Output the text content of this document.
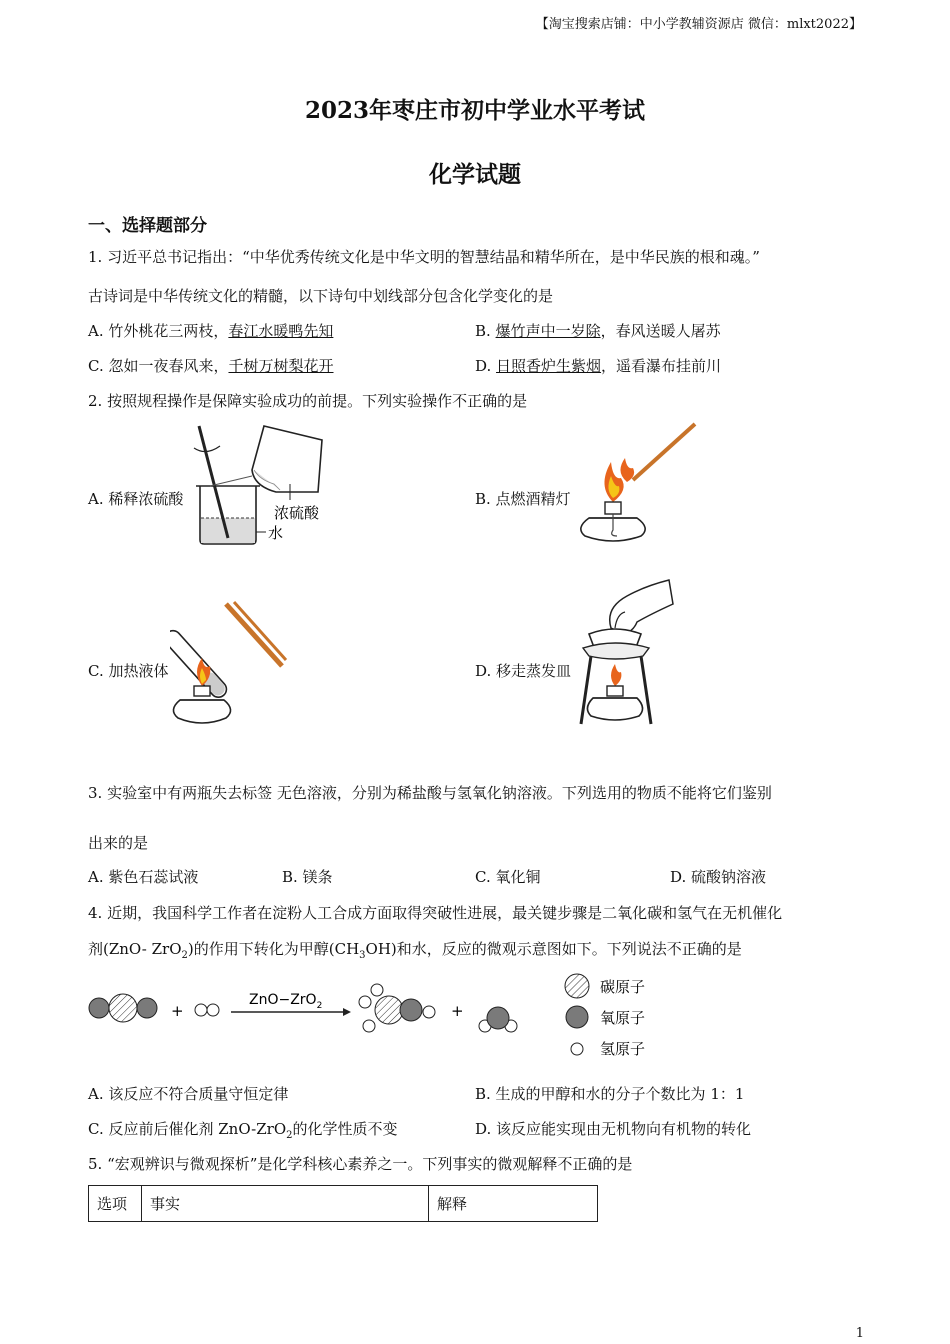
【淘宝搜索店铺：中小学教辅资源店 微信：mlxt2022】
2023年枣庄市初中学业水平考试
化学试题
一、选择题部分
1. 习近平总书记指出：“中华优秀传统文化是中华文明的智慧结晶和精华所在，是中华民族的根和魂。”
古诗词是中华传统文化的精髓，以下诗句中划线部分包含化学变化的是
A. 竹外桃花三两枝，春江水暖鸭先知	B. 爆竹声中一岁除，春风送暖人屠苏
C. 忽如一夜春风来，千树万树梨花开	D. 日照香炉生紫烟，遥看瀑布挂前川
2. 按照规程操作是保障实验成功的前提。下列实验操作不正确的是
A. 稀释浓硫酸	B. 点燃酒精灯
C. 加热液体	D. 移走蒸发皿
浓硫酸
水
3. 实验室中有两瓶失去标签 无色溶液，分别为稀盐酸与氢氧化钠溶液。下列选用的物质不能将它们鉴别
出来的是
A. 紫色石蕊试液	B. 镁条	C. 氧化铜	D. 硫酸钠溶液
4. 近期，我国科学工作者在淀粉人工合成方面取得突破性进展，最关键步骤是二氧化碳和氢气在无机催化
剂(ZnO- ZrO$_2$)的作用下转化为甲醇$(CH_3OH)$和水，反应的微观示意图如下。下列说法不正确的是
+
ZnO−ZrO$_2$	+
碳原子
氧原子
氢原子
A. 该反应不符合质量守恒定律	B. 生成的甲醇和水的分子个数比为 1：1
C. 反应前后催化剂 ZnO-ZrO$_2$的化学性质不变	D. 该反应能实现由无机物向有机物的转化
5. “宏观辨识与微观探析”是化学科核心素养之一。下列事实的微观解释不正确的是
选项	事实	解释
1
